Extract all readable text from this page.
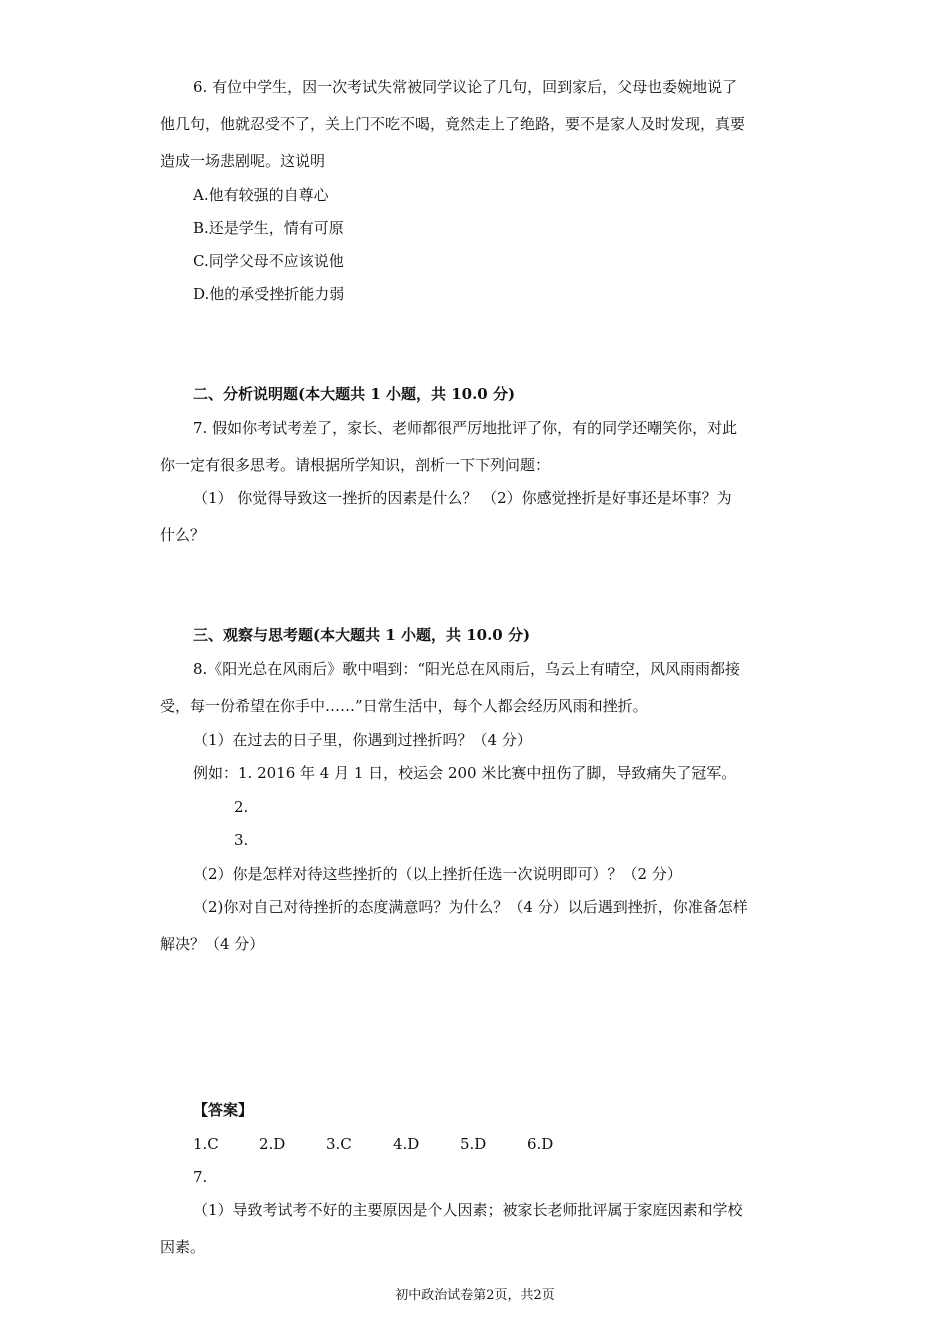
6. 有位中学生，因一次考试失常被同学议论了几句，回到家后，父母也委婉地说了
他几句，他就忍受不了，关上门不吃不喝，竟然走上了绝路，要不是家人及时发现，真要
造成一场悲剧呢。这说明
A.他有较强的自尊心
B.还是学生，情有可原
C.同学父母不应该说他
D.他的承受挫折能力弱
二、分析说明题(本大题共 1 小题，共 10.0 分)
7. 假如你考试考差了，家长、老师都很严厉地批评了你，有的同学还嘲笑你，对此
你一定有很多思考。请根据所学知识，剖析一下下列问题：
（1） 你觉得导致这一挫折的因素是什么？ （2）你感觉挫折是好事还是坏事？为
什么？
三、观察与思考题(本大题共 1 小题，共 10.0 分)
8.《阳光总在风雨后》歌中唱到：“阳光总在风雨后，乌云上有晴空，风风雨雨都接
受，每一份希望在你手中……”日常生活中，每个人都会经历风雨和挫折。
（1）在过去的日子里，你遇到过挫折吗？（4 分）
例如：1. 2016 年 4 月 1 日，校运会 200 米比赛中扭伤了脚，导致痛失了冠军。
2.
3.
（2）你是怎样对待这些挫折的（以上挫折任选一次说明即可）？（2 分）
（2)你对自己对待挫折的态度满意吗？为什么？（4 分）以后遇到挫折，你准备怎样
解决？（4 分）
【答案】
1.C	2.D	3.C	4.D	5.D	6.D
7.
（1）导致考试考不好的主要原因是个人因素；被家长老师批评属于家庭因素和学校
因素。
初中政治试卷第2页，共2页
